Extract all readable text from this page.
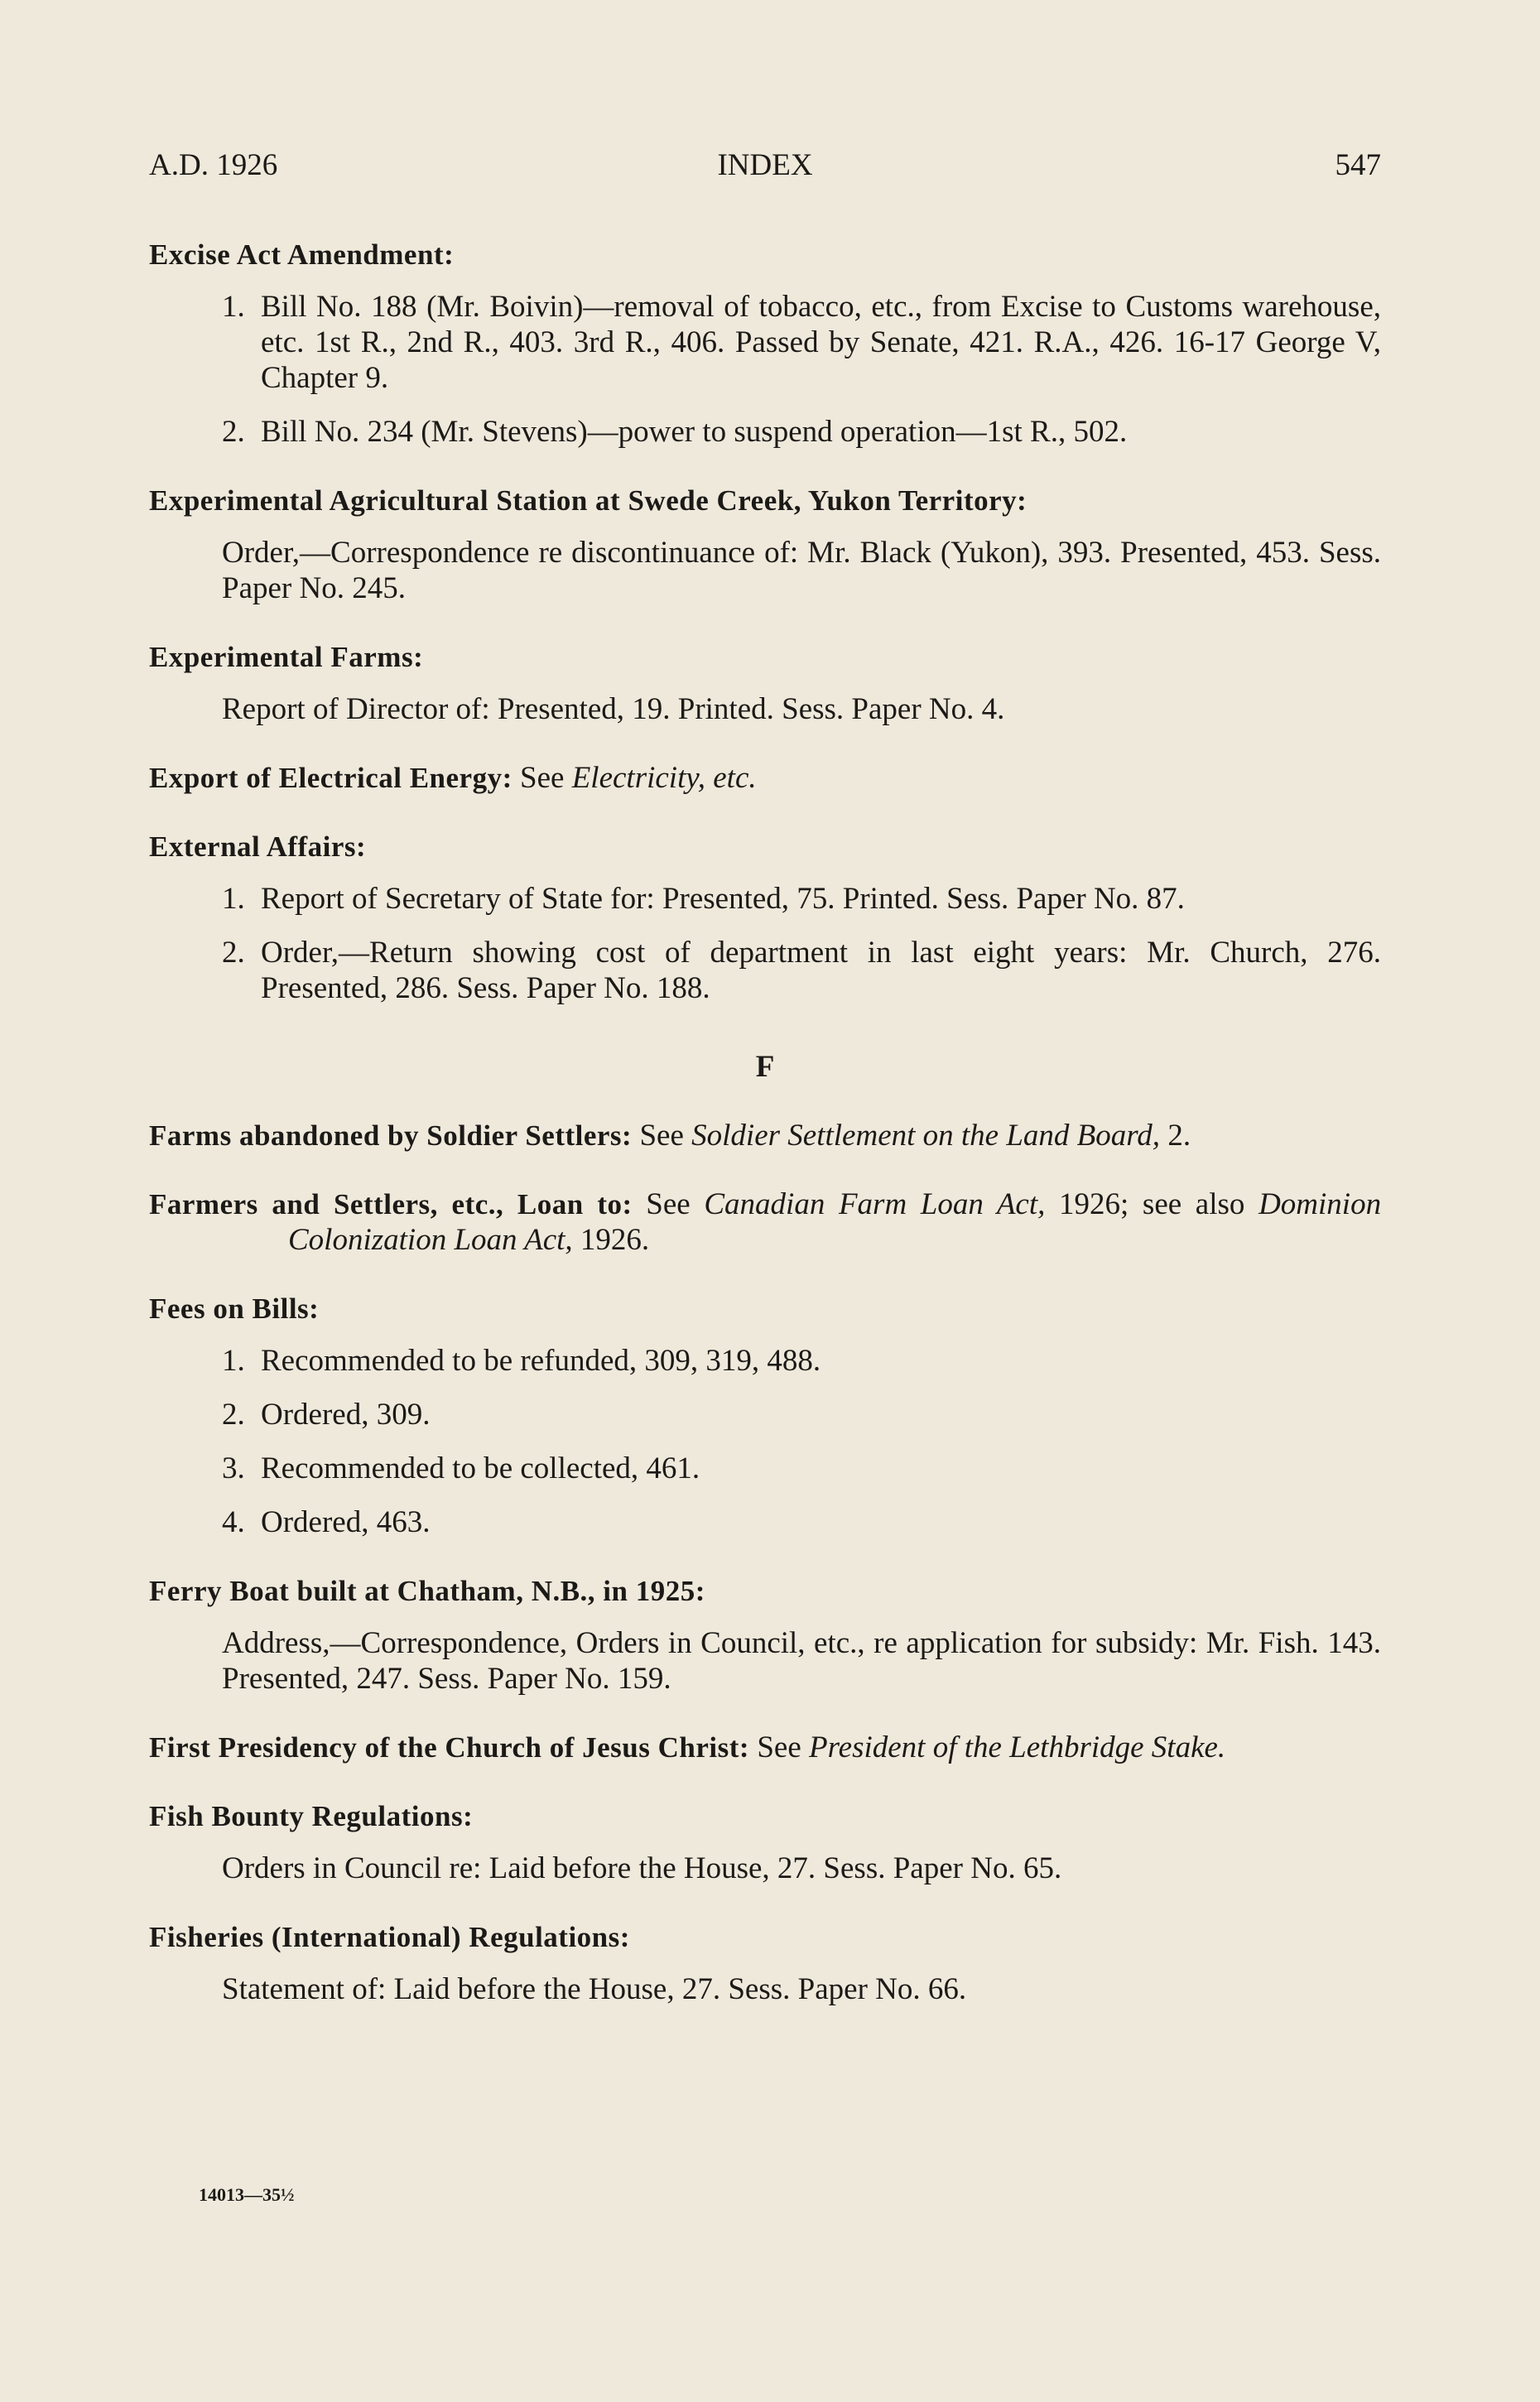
A.D. 1926	INDEX	547
Excise Act Amendment:
1. Bill No. 188 (Mr. Boivin)—removal of tobacco, etc., from Excise to Customs warehouse, etc. 1st R., 2nd R., 403. 3rd R., 406. Passed by Senate, 421. R.A., 426. 16-17 George V, Chapter 9.
2. Bill No. 234 (Mr. Stevens)—power to suspend operation—1st R., 502.
Experimental Agricultural Station at Swede Creek, Yukon Territory:
Order,—Correspondence re discontinuance of: Mr. Black (Yukon), 393. Presented, 453. Sess. Paper No. 245.
Experimental Farms:
Report of Director of: Presented, 19. Printed. Sess. Paper No. 4.
Export of Electrical Energy: See Electricity, etc.
External Affairs:
1. Report of Secretary of State for: Presented, 75. Printed. Sess. Paper No. 87.
2. Order,—Return showing cost of department in last eight years: Mr. Church, 276. Presented, 286. Sess. Paper No. 188.
F
Farms abandoned by Soldier Settlers: See Soldier Settlement on the Land Board, 2.
Farmers and Settlers, etc., Loan to: See Canadian Farm Loan Act, 1926; see also Dominion Colonization Loan Act, 1926.
Fees on Bills:
1. Recommended to be refunded, 309, 319, 488.
2. Ordered, 309.
3. Recommended to be collected, 461.
4. Ordered, 463.
Ferry Boat built at Chatham, N.B., in 1925:
Address,—Correspondence, Orders in Council, etc., re application for subsidy: Mr. Fish. 143. Presented, 247. Sess. Paper No. 159.
First Presidency of the Church of Jesus Christ: See President of the Lethbridge Stake.
Fish Bounty Regulations:
Orders in Council re: Laid before the House, 27. Sess. Paper No. 65.
Fisheries (International) Regulations:
Statement of: Laid before the House, 27. Sess. Paper No. 66.
14013—35½
